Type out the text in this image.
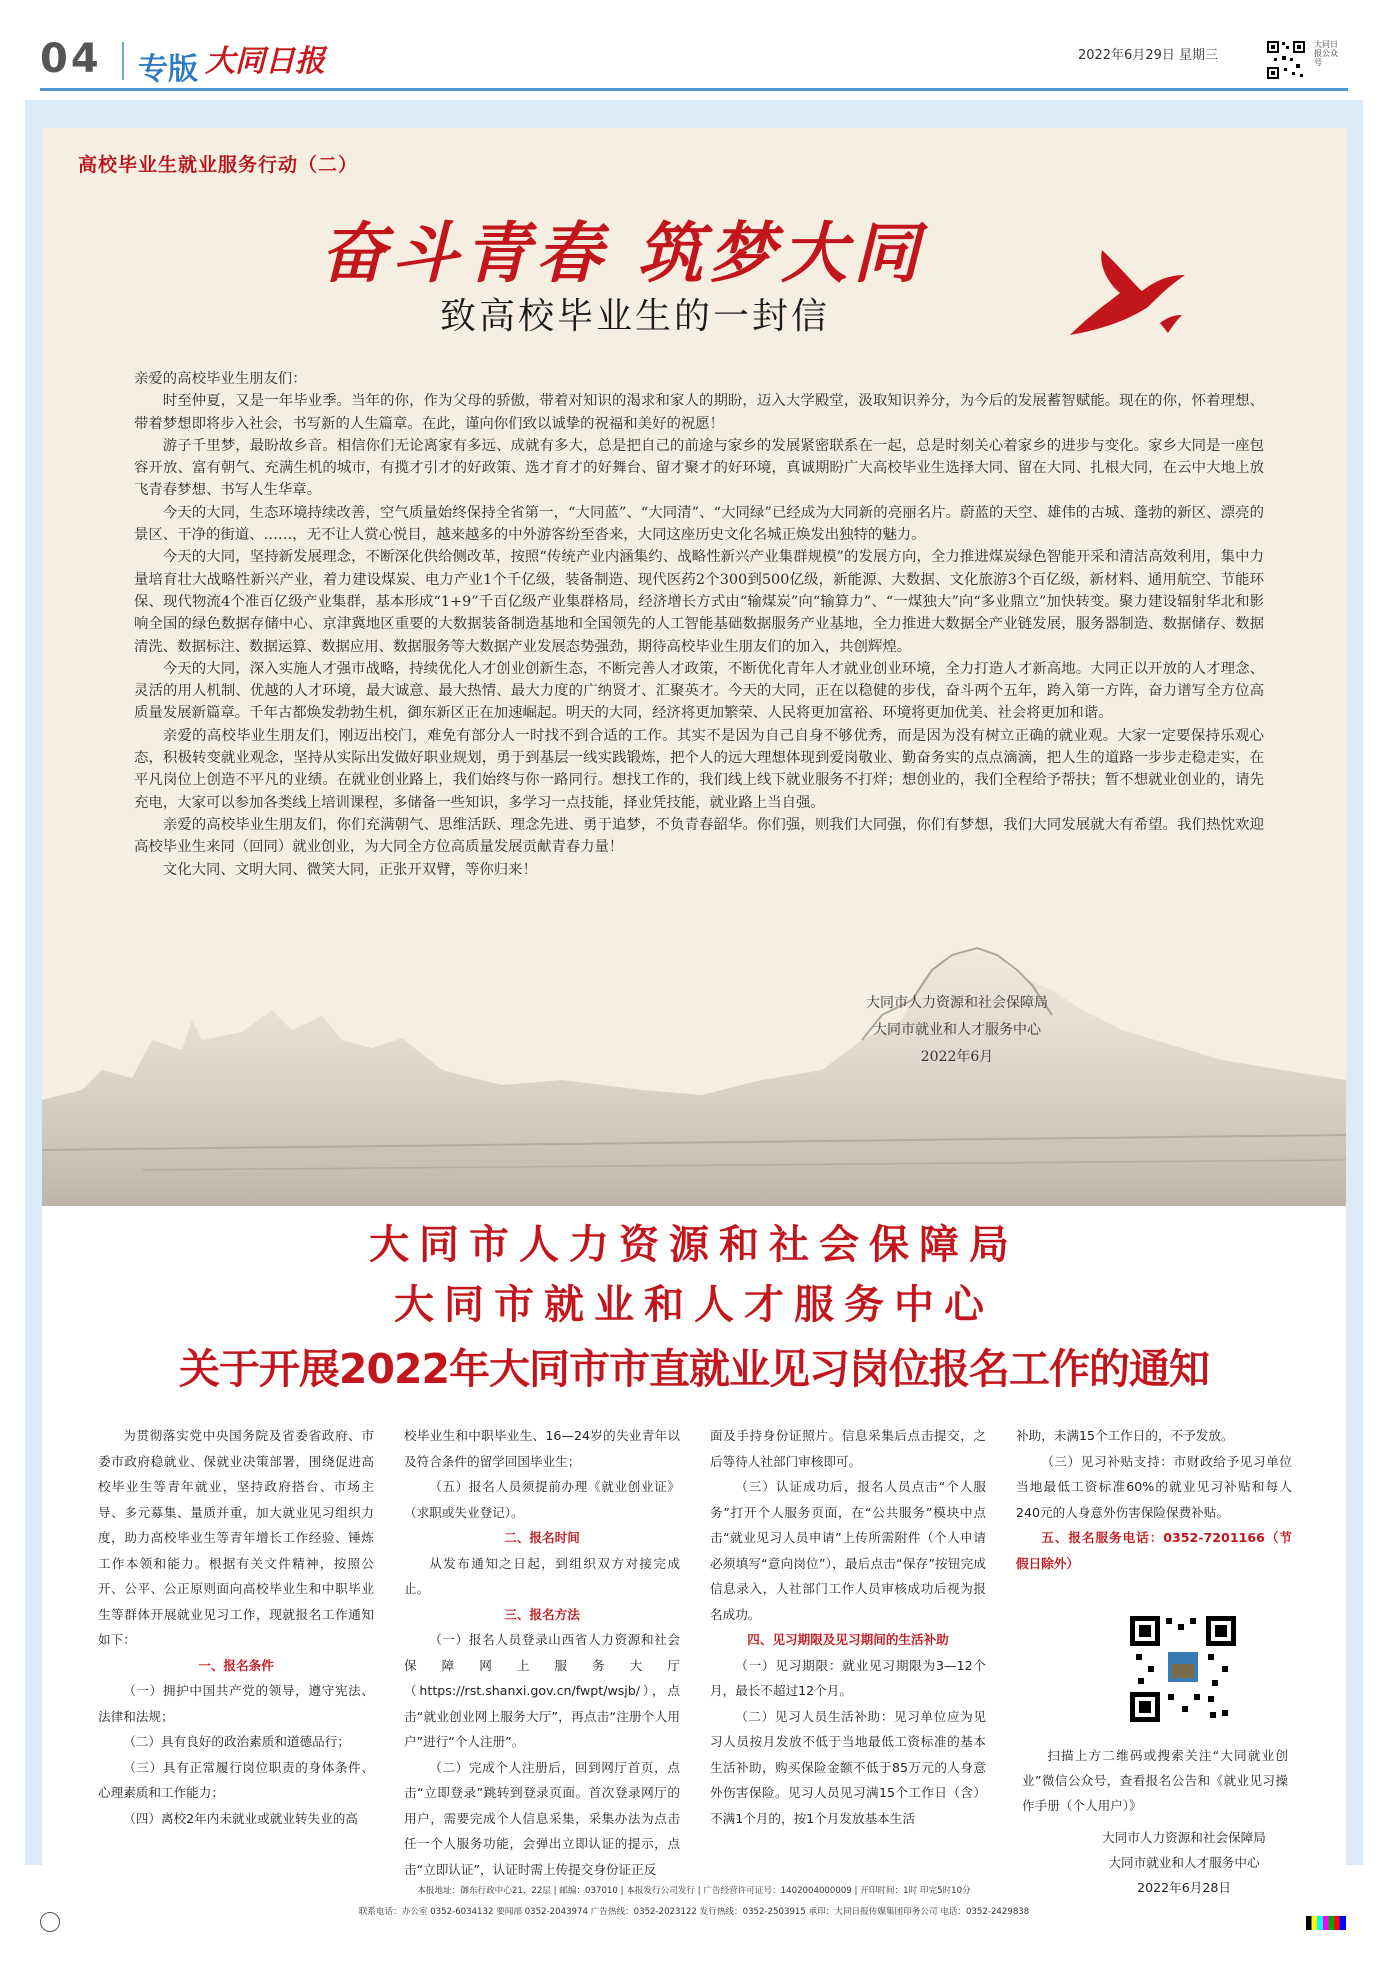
04 专版 大同日报	2022年6月29日 星期三
大同日报公众号
高校毕业生就业服务行动（二）
奋斗青春 筑梦大同
致高校毕业生的一封信

亲爱的高校毕业生朋友们：

时至仲夏，又是一年毕业季。当年的你，作为父母的骄傲，带着对知识的渴求和家人的期盼，迈入大学殿堂，汲取知识养分，为今后的发展蓄智赋能。现在的你，怀着理想、带着梦想即将步入社会，书写新的人生篇章。在此，谨向你们致以诚挚的祝福和美好的祝愿！

游子千里梦，最盼故乡音。相信你们无论离家有多远、成就有多大，总是把自己的前途与家乡的发展紧密联系在一起，总是时刻关心着家乡的进步与变化。家乡大同是一座包容开放、富有朝气、充满生机的城市，有揽才引才的好政策、选才育才的好舞台、留才聚才的好环境，真诚期盼广大高校毕业生选择大同、留在大同、扎根大同，在云中大地上放飞青春梦想、书写人生华章。

今天的大同，生态环境持续改善，空气质量始终保持全省第一，“大同蓝”、“大同清”、“大同绿”已经成为大同新的亮丽名片。蔚蓝的天空、雄伟的古城、蓬勃的新区、漂亮的景区、干净的街道、……，无不让人赏心悦目，越来越多的中外游客纷至沓来，大同这座历史文化名城正焕发出独特的魅力。

今天的大同，坚持新发展理念，不断深化供给侧改革，按照“传统产业内涵集约、战略性新兴产业集群规模”的发展方向，全力推进煤炭绿色智能开采和清洁高效利用，集中力量培育壮大战略性新兴产业，着力建设煤炭、电力产业1个千亿级，装备制造、现代医药2个300到500亿级，新能源、大数据、文化旅游3个百亿级，新材料、通用航空、节能环保、现代物流4个准百亿级产业集群，基本形成“1+9”千百亿级产业集群格局，经济增长方式由“输煤炭”向“输算力”、“一煤独大”向“多业鼎立”加快转变。聚力建设辐射华北和影响全国的绿色数据存储中心、京津冀地区重要的大数据装备制造基地和全国领先的人工智能基础数据服务产业基地，全力推进大数据全产业链发展，服务器制造、数据储存、数据清洗、数据标注、数据运算、数据应用、数据服务等大数据产业发展态势强劲，期待高校毕业生朋友们的加入，共创辉煌。

今天的大同，深入实施人才强市战略，持续优化人才创业创新生态，不断完善人才政策，不断优化青年人才就业创业环境，全力打造人才新高地。大同正以开放的人才理念、灵活的用人机制、优越的人才环境，最大诚意、最大热情、最大力度的广纳贤才、汇聚英才。今天的大同，正在以稳健的步伐，奋斗两个五年，跨入第一方阵，奋力谱写全方位高质量发展新篇章。千年古都焕发勃勃生机，御东新区正在加速崛起。明天的大同，经济将更加繁荣、人民将更加富裕、环境将更加优美、社会将更加和谐。

亲爱的高校毕业生朋友们，刚迈出校门，难免有部分人一时找不到合适的工作。其实不是因为自己自身不够优秀，而是因为没有树立正确的就业观。大家一定要保持乐观心态，积极转变就业观念，坚持从实际出发做好职业规划，勇于到基层一线实践锻炼，把个人的远大理想体现到爱岗敬业、勤奋务实的点点滴滴，把人生的道路一步步走稳走实，在平凡岗位上创造不平凡的业绩。在就业创业路上，我们始终与你一路同行。想找工作的，我们线上线下就业服务不打烊；想创业的，我们全程给予帮扶；暂不想就业创业的，请先充电，大家可以参加各类线上培训课程，多储备一些知识，多学习一点技能，择业凭技能，就业路上当自强。

亲爱的高校毕业生朋友们，你们充满朝气、思维活跃、理念先进、勇于追梦，不负青春韶华。你们强，则我们大同强，你们有梦想，我们大同发展就大有希望。我们热忱欢迎高校毕业生来同（回同）就业创业，为大同全方位高质量发展贡献青春力量！

文化大同、文明大同、微笑大同，正张开双臂，等你归来！

大同市人力资源和社会保障局
大同市就业和人才服务中心
2022年6月
大同市人力资源和社会保障局
大同市就业和人才服务中心
关于开展2022年大同市市直就业见习岗位报名工作的通知

为贯彻落实党中央国务院及省委省政府、市委市政府稳就业、保就业决策部署，围绕促进高校毕业生等青年就业，坚持政府搭台、市场主导、多元募集、量质并重，加大就业见习组织力度，助力高校毕业生等青年增长工作经验、锤炼工作本领和能力。根据有关文件精神，按照公开、公平、公正原则面向高校毕业生和中职毕业生等群体开展就业见习工作，现就报名工作通知如下：

一、报名条件

（一）拥护中国共产党的领导，遵守宪法、法律和法规；

（二）具有良好的政治素质和道德品行；

（三）具有正常履行岗位职责的身体条件、心理素质和工作能力；

（四）离校2年内未就业或就业转失业的高

校毕业生和中职毕业生、16—24岁的失业青年以及符合条件的留学回国毕业生；

（五）报名人员须提前办理《就业创业证》（求职或失业登记）。

二、报名时间

从发布通知之日起，到组织双方对接完成止。

三、报名方法

（一）报名人员登录山西省人力资源和社会保障网上服务大厅（https://rst.shanxi.gov.cn/fwpt/wsjb/），点击“就业创业网上服务大厅”，再点击“注册个人用户”进行“个人注册”。

（二）完成个人注册后，回到网厅首页，点击“立即登录”跳转到登录页面。首次登录网厅的用户，需要完成个人信息采集，采集办法为点击任一个人服务功能，会弹出立即认证的提示，点击“立即认证”，认证时需上传提交身份证正反

面及手持身份证照片。信息采集后点击提交，之后等待人社部门审核即可。

（三）认证成功后，报名人员点击“个人服务”打开个人服务页面，在“公共服务”模块中点击“就业见习人员申请”上传所需附件（个人申请必须填写“意向岗位”），最后点击“保存”按钮完成信息录入，人社部门工作人员审核成功后视为报名成功。

四、见习期限及见习期间的生活补助

（一）见习期限：就业见习期限为3—12个月，最长不超过12个月。

（二）见习人员生活补助：见习单位应为见习人员按月发放不低于当地最低工资标准的基本生活补助，购买保险金额不低于85万元的人身意外伤害保险。见习人员见习满15个工作日（含）不满1个月的，按1个月发放基本生活

补助，未满15个工作日的，不予发放。

（三）见习补贴支持：市财政给予见习单位当地最低工资标准60%的就业见习补贴和每人240元的人身意外伤害保险保费补贴。

五、报名服务电话：0352-7201166（节假日除外）

扫描上方二维码或搜索关注“大同就业创业”微信公众号，查看报名公告和《就业见习操作手册（个人用户）》
大同市人力资源和社会保障局
大同市就业和人才服务中心
2022年6月28日
本报地址：御东行政中心21、22层 | 邮编：037010 | 本报发行公司发行 | 广告经营许可证号：1402004000009 | 开印时间：1时 印完5时10分
联系电话：办公室 0352-6034132 要闻部 0352-2043974 广告热线：0352-2023122 发行热线：0352-2503915 承印：大同日报传媒集团印务公司 电话：0352-2429838
